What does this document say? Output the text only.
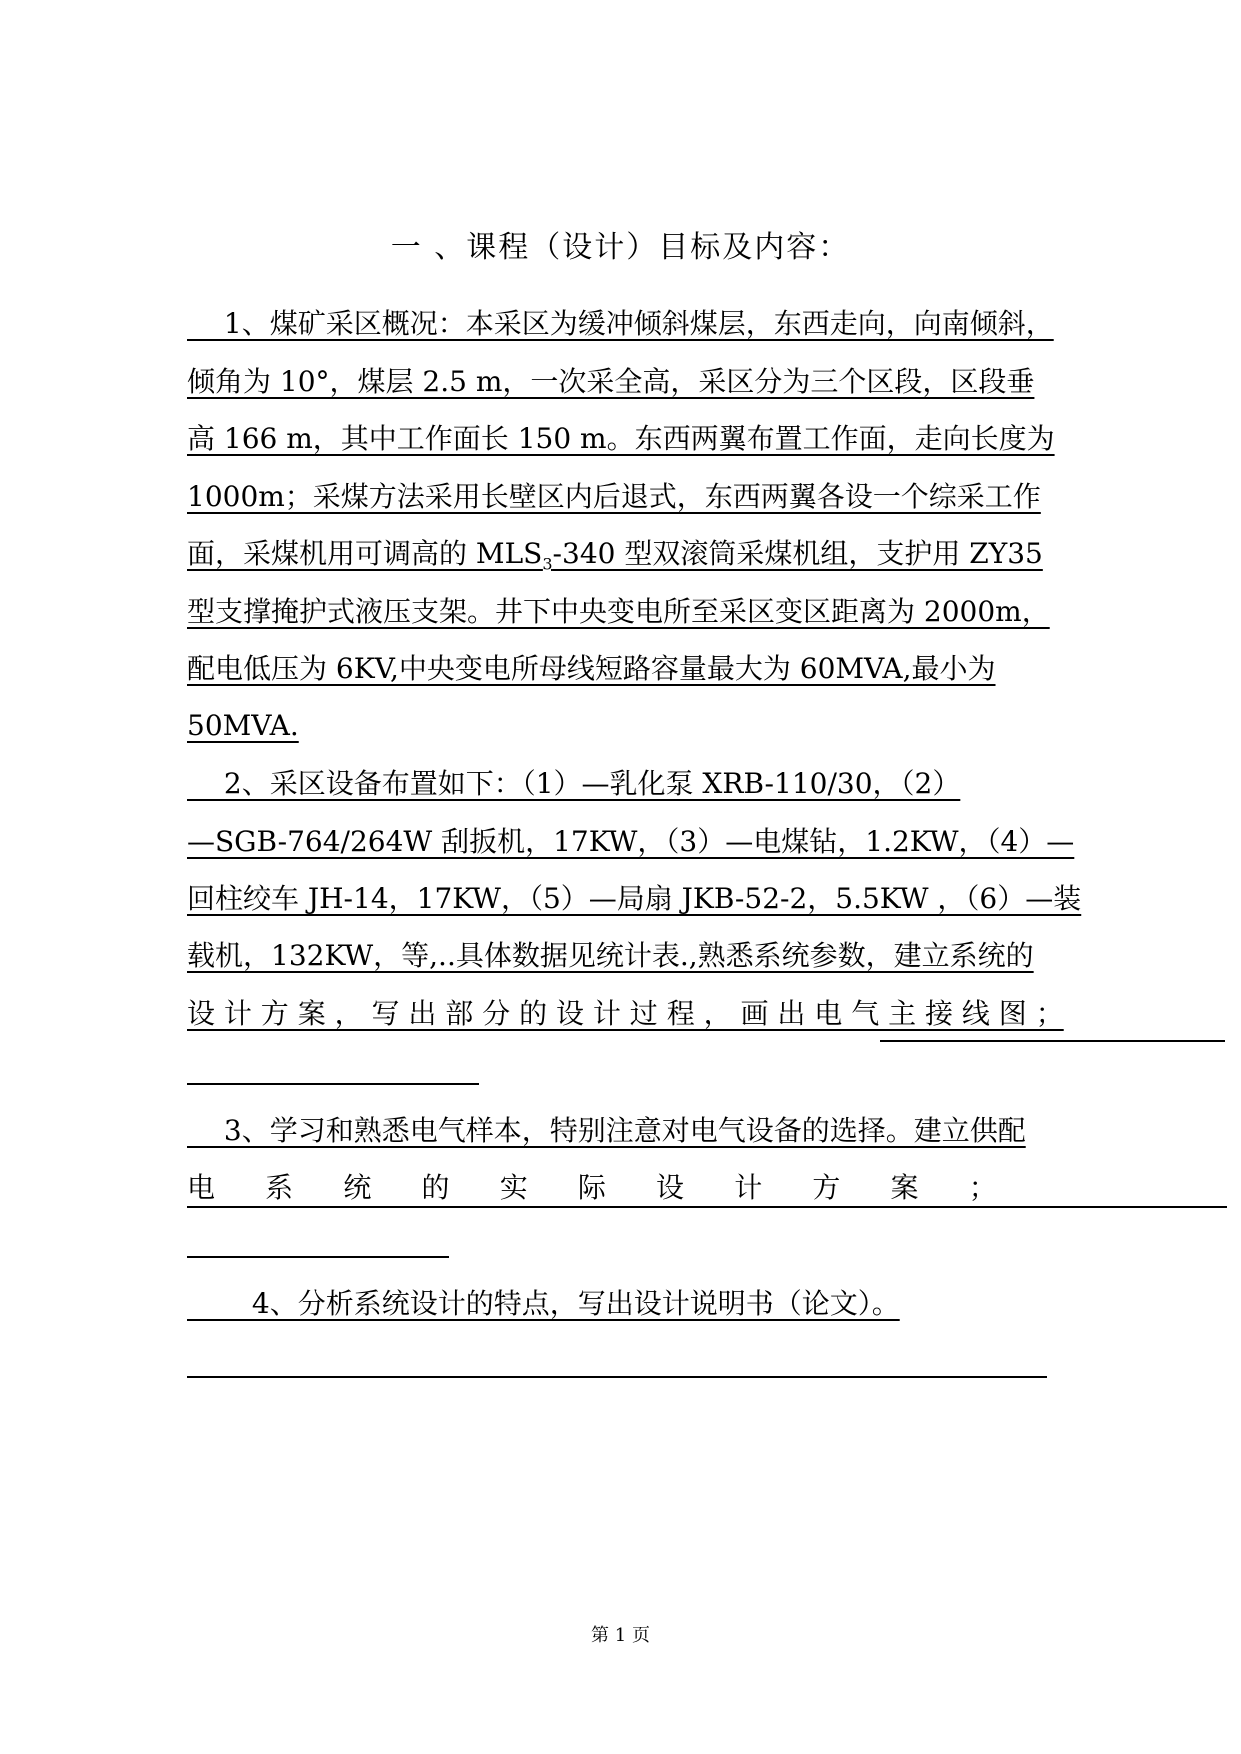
一 、课程（设计）目标及内容：
　 1、煤矿采区概况：本采区为缓冲倾斜煤层，东西走向，向南倾斜，
倾角为 10°，煤层 2.5 m，一次采全高，采区分为三个区段，区段垂
高 166 m，其中工作面长 150 m。东西两翼布置工作面，走向长度为
1000m；采煤方法采用长壁区内后退式，东西两翼各设一个综采工作
面，采煤机用可调高的 $MLS_3-340$ 型双滚筒采煤机组，支护用 ZY35
型支撑掩护式液压支架。井下中央变电所至采区变区距离为 2000m，
配电低压为 6KV,中央变电所母线短路容量最大为 60MVA,最小为
50MVA.
　 2、采区设备布置如下：（1）—乳化泵 XRB-110/30，（2）
—SGB-764/264W 刮扳机，17KW，（3）—电煤钻，1.2KW，（4）—
回柱绞车 JH-14，17KW，（5）—局扇 JKB-52-2，5.5KW ，（6）—装
载机，132KW，等,..具体数据见统计表.,熟悉系统参数，建立系统的
设 计 方 案 ， 写 出 部 分 的 设 计 过 程 ， 画 出 电 气 主 接 线 图 ；
　 3、学习和熟悉电气样本，特别注意对电气设备的选择。建立供配
电 系 统 的 实 际 设 计 方 案 ；
　　 4、分析系统设计的特点，写出设计说明书（论文）。
第 1 页
